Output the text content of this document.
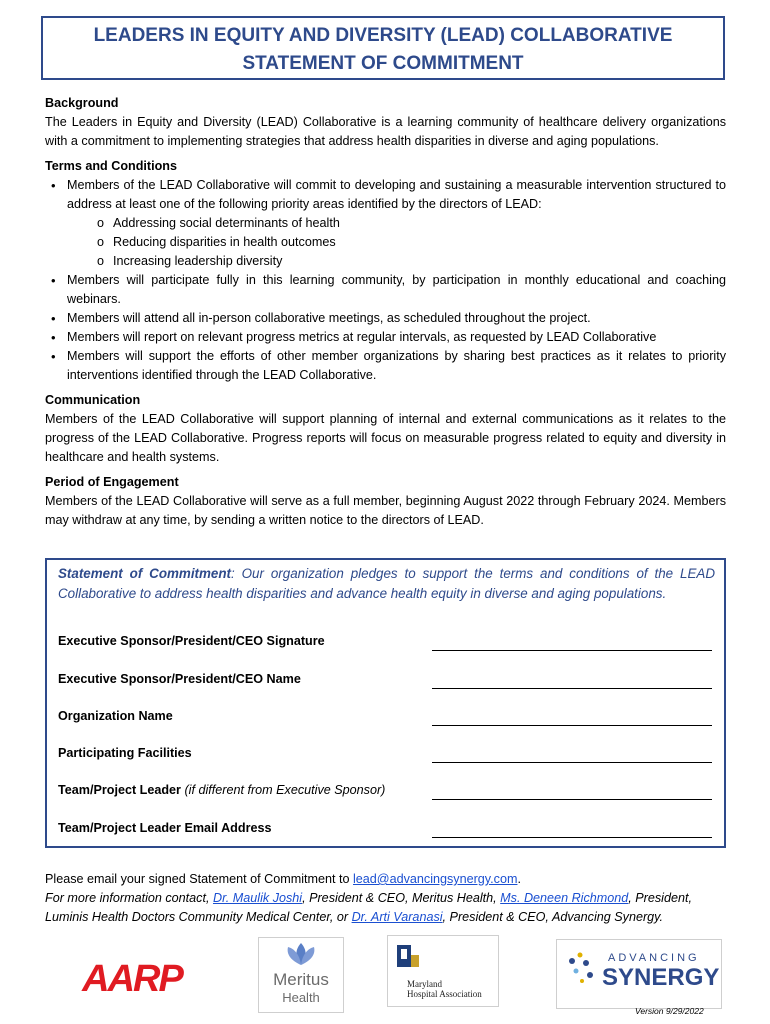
LEADERS IN EQUITY AND DIVERSITY (LEAD) COLLABORATIVE
STATEMENT OF COMMITMENT
Background
The Leaders in Equity and Diversity (LEAD) Collaborative is a learning community of healthcare delivery organizations with a commitment to implementing strategies that address health disparities in diverse and aging populations.
Terms and Conditions
• Members of the LEAD Collaborative will commit to developing and sustaining a measurable intervention structured to address at least one of the following priority areas identified by the directors of LEAD:
o Addressing social determinants of health
o Reducing disparities in health outcomes
o Increasing leadership diversity
• Members will participate fully in this learning community, by participation in monthly educational and coaching webinars.
• Members will attend all in-person collaborative meetings, as scheduled throughout the project.
• Members will report on relevant progress metrics at regular intervals, as requested by LEAD Collaborative
• Members will support the efforts of other member organizations by sharing best practices as it relates to priority interventions identified through the LEAD Collaborative.
Communication
Members of the LEAD Collaborative will support planning of internal and external communications as it relates to the progress of the LEAD Collaborative. Progress reports will focus on measurable progress related to equity and diversity in healthcare and health systems.
Period of Engagement
Members of the LEAD Collaborative will serve as a full member, beginning August 2022 through February 2024. Members may withdraw at any time, by sending a written notice to the directors of LEAD.
Statement of Commitment: Our organization pledges to support the terms and conditions of the LEAD Collaborative to address health disparities and advance health equity in diverse and aging populations.
Executive Sponsor/President/CEO Signature
Executive Sponsor/President/CEO Name
Organization Name
Participating Facilities
Team/Project Leader (if different from Executive Sponsor)
Team/Project Leader Email Address
Please email your signed Statement of Commitment to lead@advancingsynergy.com.
For more information contact, Dr. Maulik Joshi, President & CEO, Meritus Health, Ms. Deneen Richmond, President, Luminis Health Doctors Community Medical Center, or Dr. Arti Varanasi, President & CEO, Advancing Synergy.
AARP	Meritus
Health
Maryland
Hospital Association
ADVANCING
SYNERGY
Version 9/29/2022
